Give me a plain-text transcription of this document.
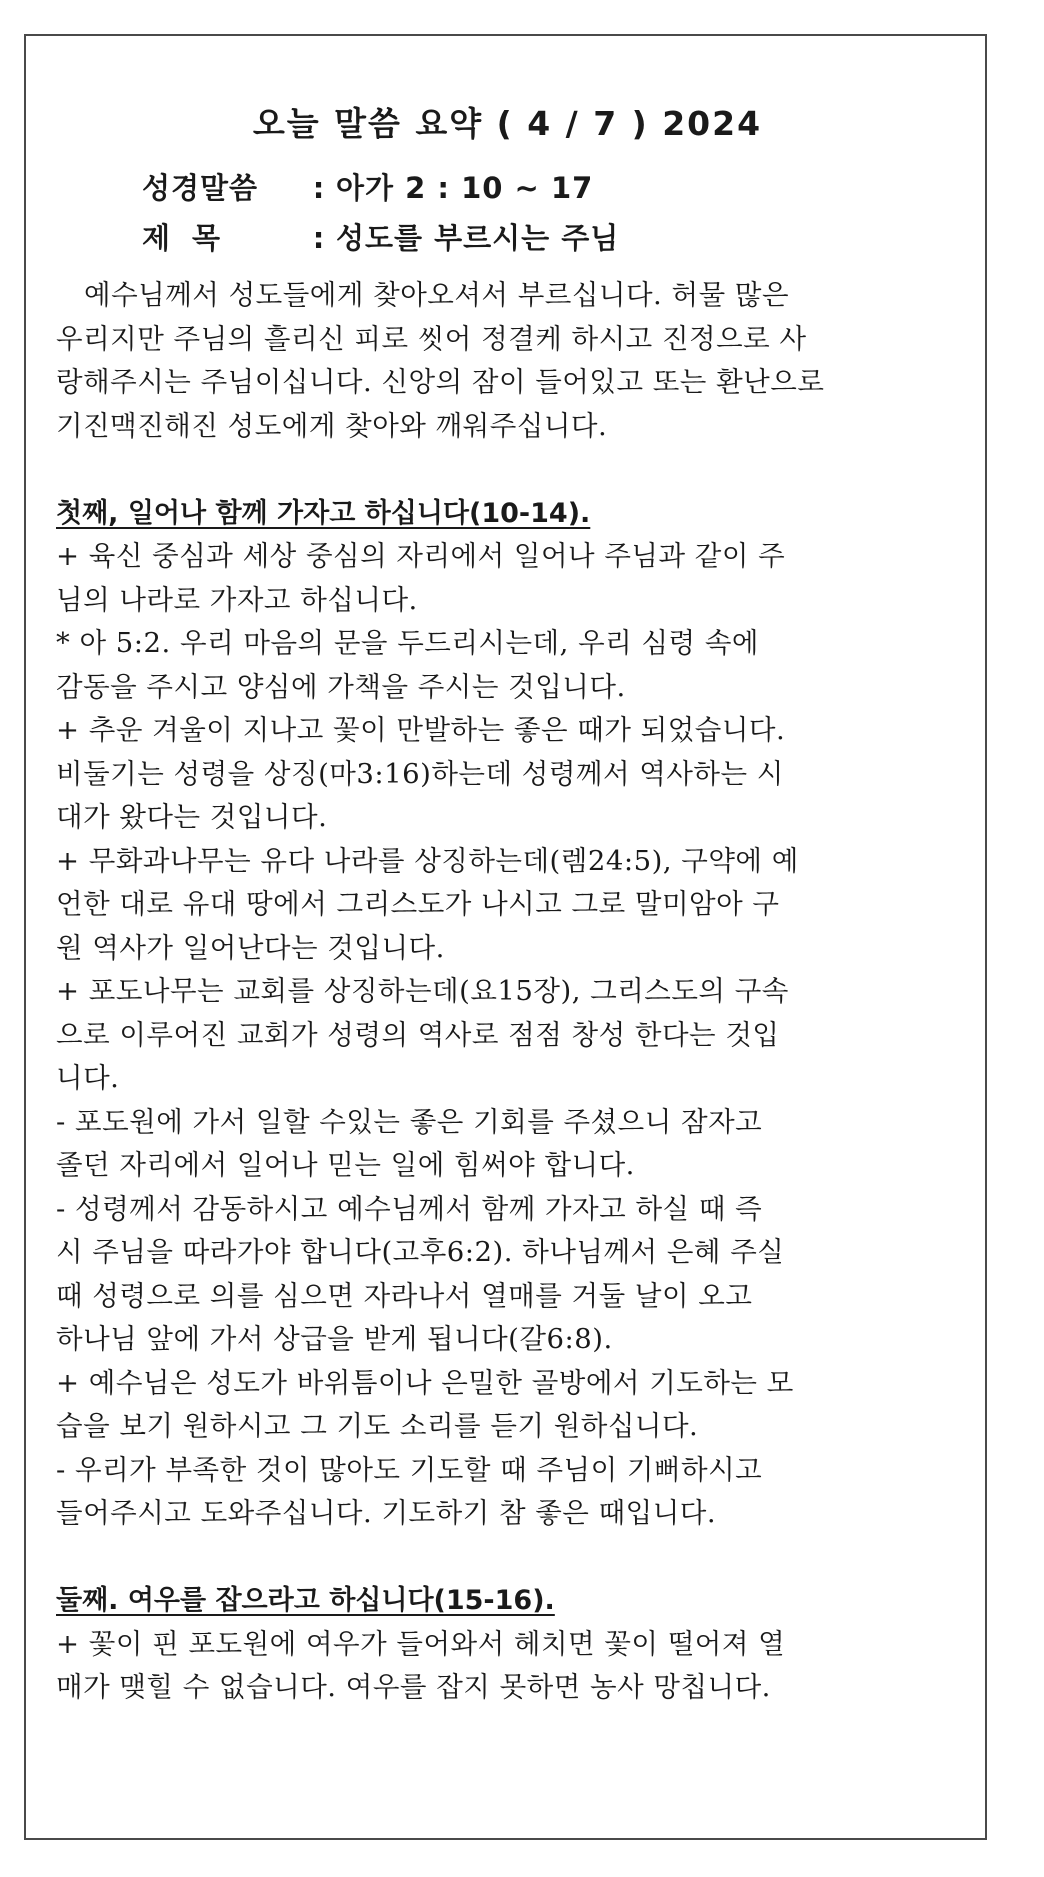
오늘 말씀 요약 ( 4 / 7 ) 2024
성경말씀 : 아가 2 : 10 ~ 17
제목 : 성도를 부르시는 주님
예수님께서 성도들에게 찾아오셔서 부르십니다. 허물 많은
우리지만 주님의 흘리신 피로 씻어 정결케 하시고 진정으로 사
랑해주시는 주님이십니다. 신앙의 잠이 들어있고 또는 환난으로
기진맥진해진 성도에게 찾아와 깨워주십니다.
첫째, 일어나 함께 가자고 하십니다(10-14).
+ 육신 중심과 세상 중심의 자리에서 일어나 주님과 같이 주
님의 나라로 가자고 하십니다.
* 아 5:2. 우리 마음의 문을 두드리시는데, 우리 심령 속에
감동을 주시고 양심에 가책을 주시는 것입니다.
+ 추운 겨울이 지나고 꽃이 만발하는 좋은 때가 되었습니다.
비둘기는 성령을 상징(마3:16)하는데 성령께서 역사하는 시
대가 왔다는 것입니다.
+ 무화과나무는 유다 나라를 상징하는데(렘24:5), 구약에 예
언한 대로 유대 땅에서 그리스도가 나시고 그로 말미암아 구
원 역사가 일어난다는 것입니다.
+ 포도나무는 교회를 상징하는데(요15장), 그리스도의 구속
으로 이루어진 교회가 성령의 역사로 점점 창성 한다는 것입
니다.
- 포도원에 가서 일할 수있는 좋은 기회를 주셨으니 잠자고
졸던 자리에서 일어나 믿는 일에 힘써야 합니다.
- 성령께서 감동하시고 예수님께서 함께 가자고 하실 때 즉
시 주님을 따라가야 합니다(고후6:2). 하나님께서 은혜 주실
때 성령으로 의를 심으면 자라나서 열매를 거둘 날이 오고
하나님 앞에 가서 상급을 받게 됩니다(갈6:8).
+ 예수님은 성도가 바위틈이나 은밀한 골방에서 기도하는 모
습을 보기 원하시고 그 기도 소리를 듣기 원하십니다.
- 우리가 부족한 것이 많아도 기도할 때 주님이 기뻐하시고
들어주시고 도와주십니다. 기도하기 참 좋은 때입니다.
둘째. 여우를 잡으라고 하십니다(15-16).
+ 꽃이 핀 포도원에 여우가 들어와서 헤치면 꽃이 떨어져 열
매가 맺힐 수 없습니다. 여우를 잡지 못하면 농사 망칩니다.
